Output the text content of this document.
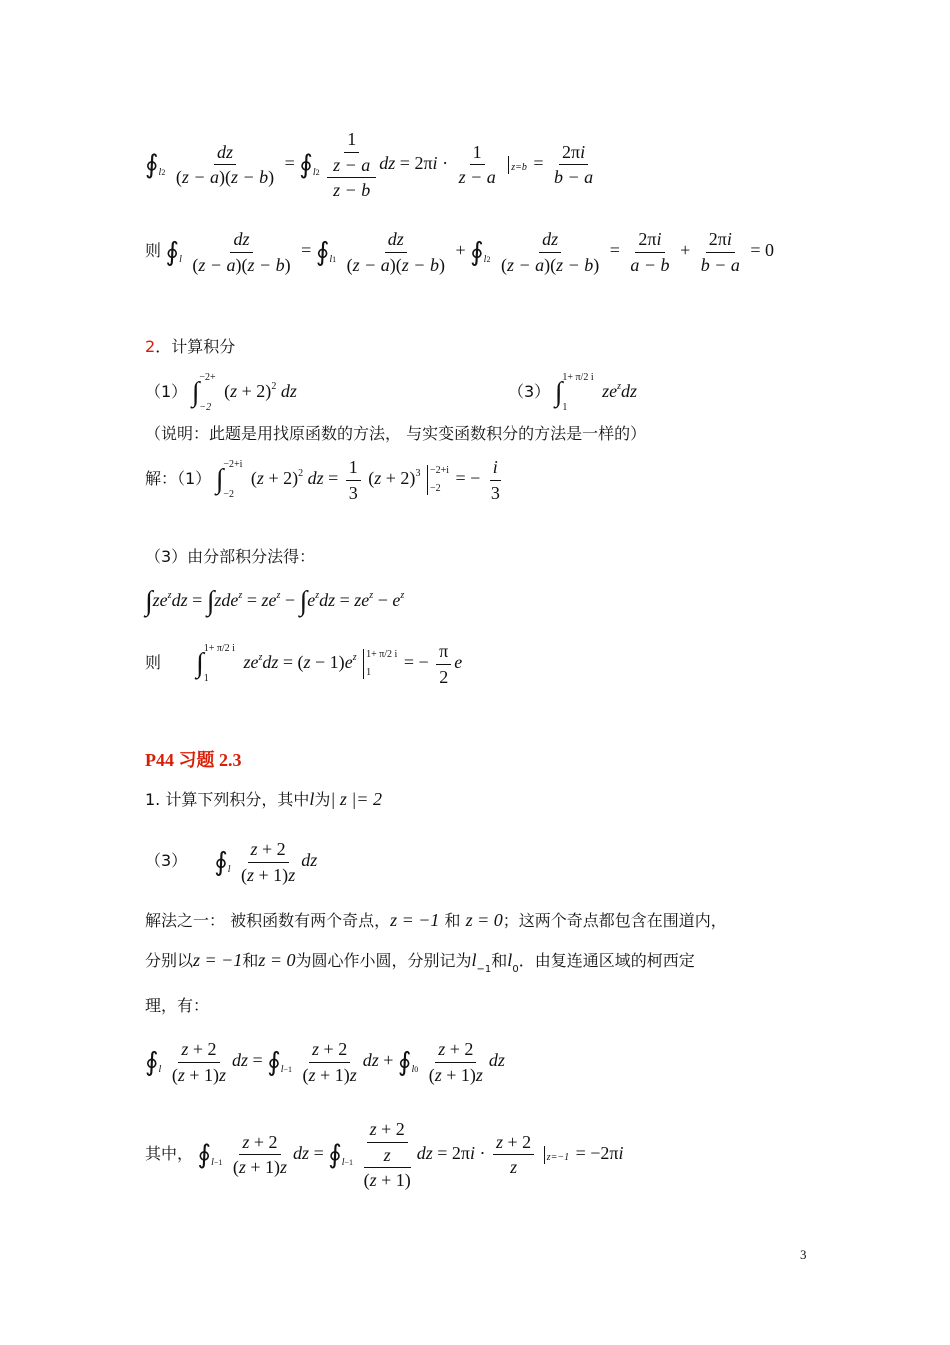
$∮_{l2} \frac{dz}{(z - a)(z - b)}$ = $∮_{l2} \frac{\frac{1}{z - a}}{z - b}$ dz = $2\pi i \cdot \frac{1}{z - a}$
$z=b = \frac{2\pi i}{b - a}$
则 $∮_l \frac{dz}{(z - a)(z - b)}$ = $∮_{l1} \frac{dz}{(z - a)(z - b)}$ + $∮_{l2} \frac{dz}{(z - a)(z - b)} = \frac{2\pi i}{a - b} + \frac{2\pi i}{b - a} = 0$
2．计算积分
（1） ∫ −2+
−2
$(z + 2)^2$ dz	（3） ∫ 1+ π/2 i
1
$ze^zdz$
（说明：此题是用找原函数的方法， 与实变函数积分的方法是一样的）
解：（1） ∫ −2+i
−2
$(z + 2)^2$ dz = $\frac{1}{3} (z + 2)^3 -2+i$
−2
= − $\frac{i}{3}$
（3）由分部积分法得：
$\int ze^zdz = \int zde^z = ze^z - \int e^zdz = ze^z - e^z$
则 ∫ 1+ π/2 i
1
$ze^zdz = (z - 1)e^z$ 1+ π/2 i
1
= − $\frac{\pi}{2}$ e
P44 习题 2.3
1. 计算下列积分，其中l为| z |= 2
（3） $∮_l \frac{z + 2}{(z + 1)z}$ dz
解法之一： 被积函数有两个奇点，z = −1 和 z = 0；这两个奇点都包含在围道内，
分别以z = −1和z = 0为圆心作小圆，分别记为$l_{-1}$和$l_0$．由复连通区域的柯西定
理，有：
$∮_l \frac{z + 2}{(z + 1)z}$ dz = $∮_{l-1} \frac{z + 2}{(z + 1)z}$ dz + $∮_{l0} \frac{z + 2}{(z + 1)z}$ dz
其中， $∮_{l-1} \frac{z + 2}{(z + 1)z}$ dz = $∮_{l-1} \frac{\frac{z + 2}{z}}{(z + 1)}$ dz = $2\pi i \cdot \frac{z + 2}{z}$
z=−1 = −2πi
3
